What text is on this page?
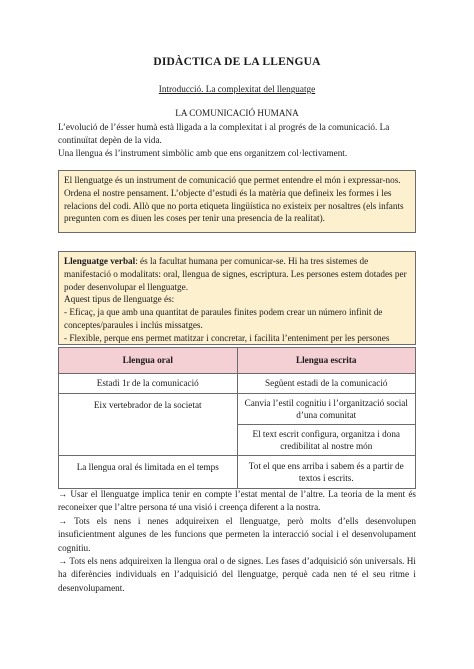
DIDÀCTICA DE LA LLENGUA
Introducció. La complexitat del llenguatge
LA COMUNICACIÓ HUMANA

L’evolució de l’ésser humà està lligada a la complexitat i al progrés de la comunicació. La continuïtat depèn de la vida.

Una llengua és l’instrument simbòlic amb que ens organitzem col·lectivament.

El llenguatge és un instrument de comunicació que permet entendre el món i expressar-nos. Ordena el nostre pensament. L’objecte d’estudi és la matèria que defineix les formes i les relacions del codi. Allò que no porta etiqueta lingüística no existeix per nosaltres (els infants pregunten com es diuen les coses per tenir una presencia de la realitat).

Llenguatge verbal: és la facultat humana per comunicar-se. Hi ha tres sistemes de manifestació o modalitats: oral, llengua de signes, escriptura. Les persones estem dotades per poder desenvolupar el llenguatge.

Aquest tipus de llenguatge és:

- Eficaç, ja que amb una quantitat de paraules finites podem crear un número infinit de conceptes/paraules i inclús missatges.

- Flexible, perque ens permet matitzar i concretar, i facilita l’enteniment per les persones

Llengua oral	Llengua escrita
Estadi 1r de la comunicació	Següent estadi de la comunicació
Eix vertebrador de la societat	Canvia l’estil cognitiu i l’organització social d’una comunitat
	El text escrit configura, organitza i dona credibilitat al nostre món
La llengua oral és limitada en el temps	Tot el que ens arriba i sabem és a partir de textos i escrits.

→ Usar el llenguatge implica tenir en compte l’estat mental de l’altre. La teoria de la ment és reconeixer que l’altre persona té una visió i creença diferent a la nostra.

→ Tots els nens i nenes adquireixen el llenguatge, però molts d’ells desenvolupen insuficientment algunes de les funcions que permeten la interacció social i el desenvolupament cognitiu.

→ Tots els nens adquireixen la llengua oral o de signes. Les fases d’adquisició són universals. Hi ha diferències individuals en l’adquisició del llenguatge, perquè cada nen té el seu ritme i desenvolupament.
